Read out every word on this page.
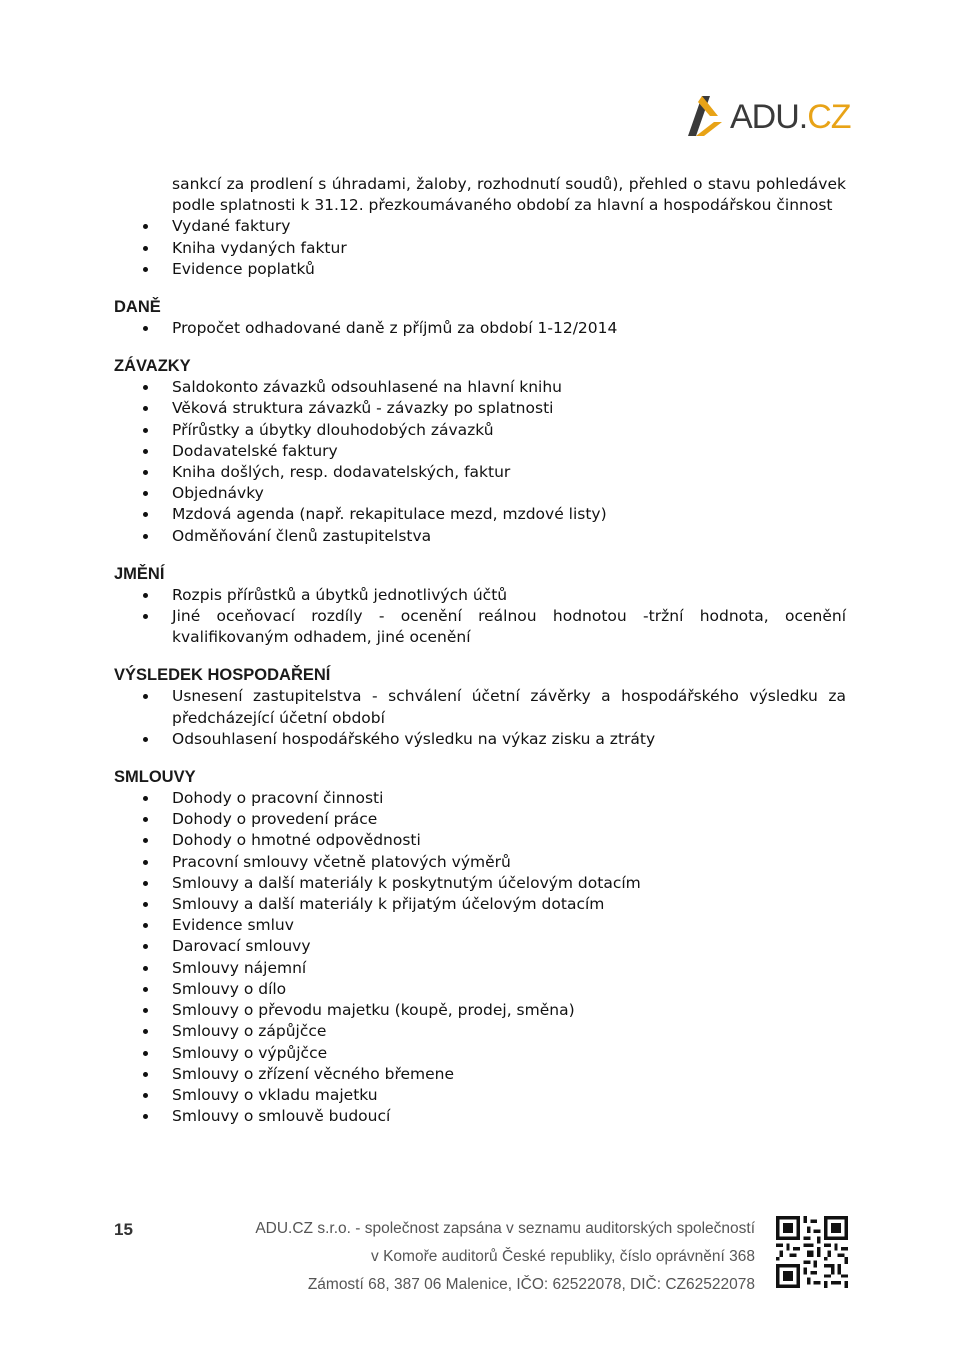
ADU.CZ

sankcí za prodlení s úhradami, žaloby, rozhodnutí soudů), přehled o stavu pohledávek podle splatnosti k 31.12. přezkoumávaného období za hlavní a hospodářskou činnost

Vydané faktury
Kniha vydaných faktur
Evidence poplatků
DANĚ
Propočet odhadované daně z příjmů za období 1-12/2014
ZÁVAZKY
Saldokonto závazků odsouhlasené na hlavní knihu
Věková struktura závazků - závazky po splatnosti
Přírůstky a úbytky dlouhodobých závazků
Dodavatelské faktury
Kniha došlých, resp. dodavatelských, faktur
Objednávky
Mzdová agenda (např. rekapitulace mezd, mzdové listy)
Odměňování členů zastupitelstva
JMĚNÍ
Rozpis přírůstků a úbytků jednotlivých účtů
Jiné oceňovací rozdíly - ocenění reálnou hodnotou -tržní hodnota, ocenění kvalifikovaným odhadem, jiné ocenění
VÝSLEDEK HOSPODAŘENÍ
Usnesení zastupitelstva - schválení účetní závěrky a hospodářského výsledku za předcházející účetní období
Odsouhlasení hospodářského výsledku na výkaz zisku a ztráty
SMLOUVY
Dohody o pracovní činnosti
Dohody o provedení práce
Dohody o hmotné odpovědnosti
Pracovní smlouvy včetně platových výměrů
Smlouvy a další materiály k poskytnutým účelovým dotacím
Smlouvy a další materiály k přijatým účelovým dotacím
Evidence smluv
Darovací smlouvy
Smlouvy nájemní
Smlouvy o dílo
Smlouvy o převodu majetku (koupě, prodej, směna)
Smlouvy o zápůjčce
Smlouvy o výpůjčce
Smlouvy o zřízení věcného břemene
Smlouvy o vkladu majetku
Smlouvy o smlouvě budoucí
15	ADU.CZ s.r.o. - společnost zapsána v seznamu auditorských společností
v Komoře auditorů České republiky, číslo oprávnění 368
Zámostí 68, 387 06 Malenice, IČO: 62522078, DIČ: CZ62522078
